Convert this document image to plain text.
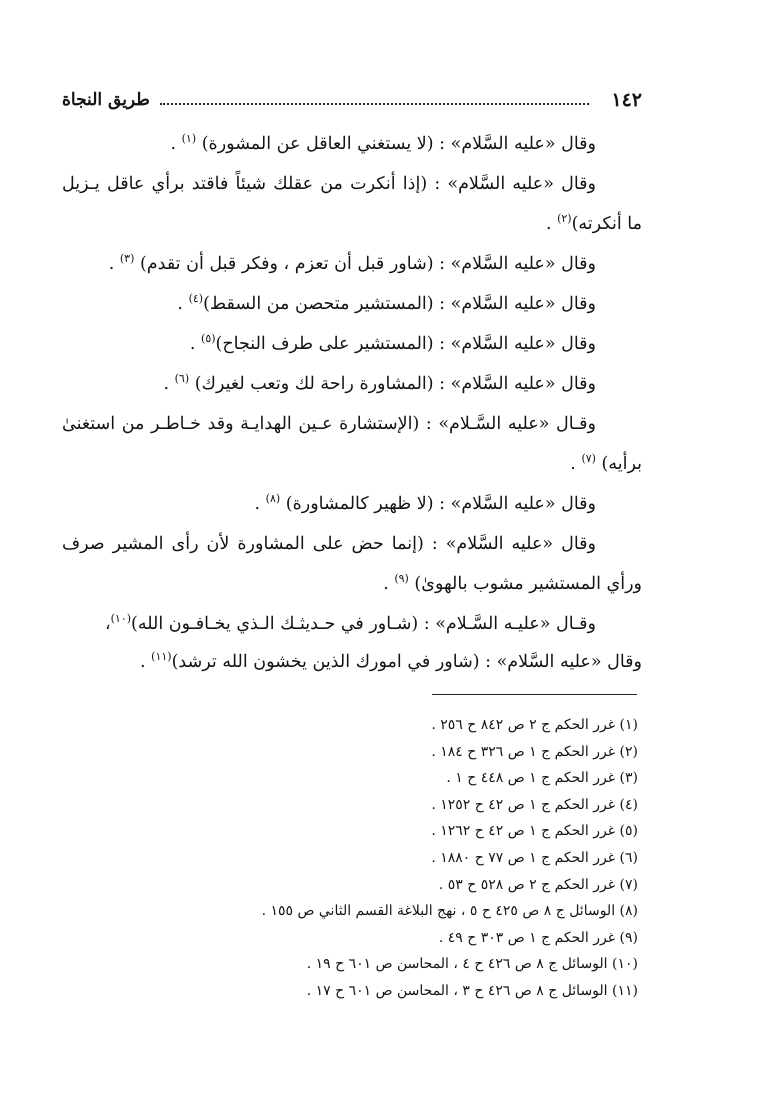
١٤٢
طريق النجاة

وقال «عليه السَّلام» : (لا يستغني العاقل عن المشورة) $^{(١)}$ .

وقال «عليه السَّلام» : (إذا أنكرت من عقلك شيئاً فاقتد برأي عاقل يـزيل ما أنكرته)$^{(٢)}$ .

وقال «عليه السَّلام» : (شاور قبل أن تعزم ، وفكر قبل أن تقدم) $^{(٣)}$ .

وقال «عليه السَّلام» : (المستشير متحصن من السقط)$^{(٤)}$ .

وقال «عليه السَّلام» : (المستشير على طرف النجاح)$^{(٥)}$ .

وقال «عليه السَّلام» : (المشاورة راحة لك وتعب لغيرك) $^{(٦)}$ .

وقـال «عليه السَّـلام» : (الإستشارة عـين الهدايـة وقد خـاطـر من استغنىٰ برأيه) $^{(٧)}$ .

وقال «عليه السَّلام» : (لا ظهير كالمشاورة) $^{(٨)}$ .

وقال «عليه السَّلام» : (إنما حض على المشاورة لأن رأى المشير صرف ورأي المستشير مشوب بالهوىٰ) $^{(٩)}$ .

وقـال «عليـه السَّـلام» : (شـاور في حـديثـك الـذي يخـافـون الله)$^{(١٠)}$،

وقال «عليه السَّلام» : (شاور في امورك الذين يخشون الله ترشد)$^{(١١)}$ .

(١) غرر الحكم ج ٢ ص ٨٤٢ ح ٢٥٦ .

(٢) غرر الحكم ج ١ ص ٣٢٦ ح ١٨٤ .

(٣) غرر الحكم ج ١ ص ٤٤٨ ح ١ .

(٤) غرر الحكم ج ١ ص ٤٢ ح ١٢٥٢ .

(٥) غرر الحكم ج ١ ص ٤٢ ح ١٢٦٢ .

(٦) غرر الحكم ج ١ ص ٧٧ ح ١٨٨٠ .

(٧) غرر الحكم ج ٢ ص ٥٢٨ ح ٥٣ .

(٨) الوسائل ج ٨ ص ٤٢٥ ح ٥ ، نهج البلاغة القسم الثاني ص ١٥٥ .

(٩) غرر الحكم ج ١ ص ٣٠٣ ح ٤٩ .

(١٠) الوسائل ج ٨ ص ٤٢٦ ح ٤ ، المحاسن ص ٦٠١ ح ١٩ .

(١١) الوسائل ج ٨ ص ٤٢٦ ح ٣ ، المحاسن ص ٦٠١ ح ١٧ .
